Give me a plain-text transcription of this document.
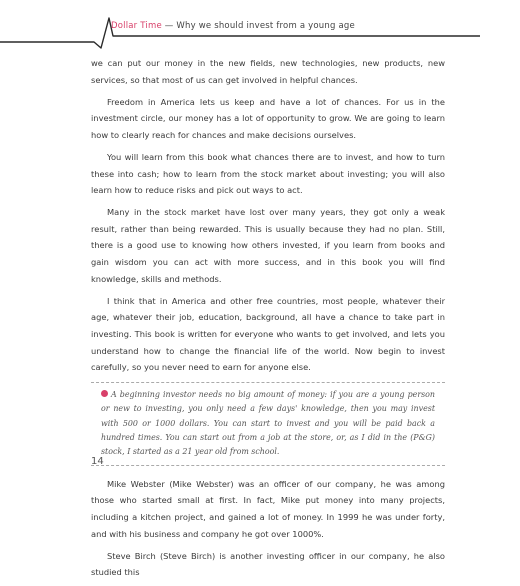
Dollar Time — Why we should invest from a young age

we can put our money in the new fields, new technologies, new products, new services, so that most of us can get involved in helpful chances.

Freedom in America lets us keep and have a lot of chances. For us in the investment circle, our money has a lot of opportunity to grow. We are going to learn how to clearly reach for chances and make decisions ourselves.

You will learn from this book what chances there are to invest, and how to turn these into cash; how to learn from the stock market about investing; you will also learn how to reduce risks and pick out ways to act.

Many in the stock market have lost over many years, they got only a weak result, rather than being rewarded. This is usually because they had no plan. Still, there is a good use to knowing how others invested, if you learn from books and gain wisdom you can act with more success, and in this book you will find knowledge, skills and methods.

I think that in America and other free countries, most people, whatever their age, whatever their job, education, background, all have a chance to take part in investing. This book is written for everyone who wants to get involved, and lets you understand how to change the financial life of the world. Now begin to invest carefully, so you never need to earn for anyone else.

A beginning investor needs no big amount of money: if you are a young person or new to investing, you only need a few days' knowledge, then you may invest with 500 or 1000 dollars. You can start to invest and you will be paid back a hundred times. You can start out from a job at the store, or, as I did in the (P&G) stock, I started as a 21 year old from school.

Mike Webster (Mike Webster) was an officer of our company, he was among those who started small at first. In fact, Mike put money into many projects, including a kitchen project, and gained a lot of money. In 1999 he was under forty, and with his business and company he got over 1000%.

Steve Birch (Steve Birch) is another investing officer in our company, he also studied this

14
